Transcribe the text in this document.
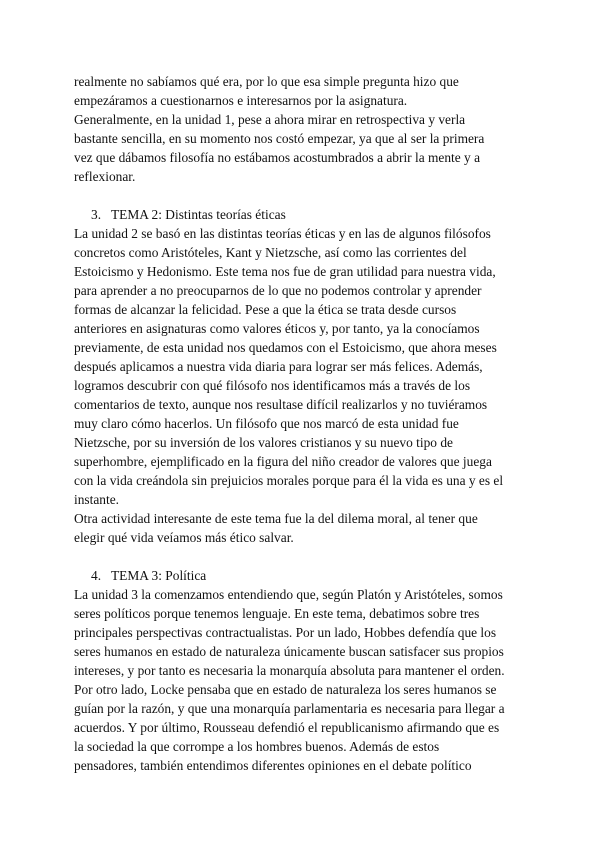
realmente no sabíamos qué era, por lo que esa simple pregunta hizo que
empezáramos a cuestionarnos e interesarnos por la asignatura.
Generalmente, en la unidad 1, pese a ahora mirar en retrospectiva y verla
bastante sencilla, en su momento nos costó empezar, ya que al ser la primera
vez que dábamos filosofía no estábamos acostumbrados a abrir la mente y a
reflexionar.
3. TEMA 2: Distintas teorías éticas
La unidad 2 se basó en las distintas teorías éticas y en las de algunos filósofos
concretos como Aristóteles, Kant y Nietzsche, así como las corrientes del
Estoicismo y Hedonismo. Este tema nos fue de gran utilidad para nuestra vida,
para aprender a no preocuparnos de lo que no podemos controlar y aprender
formas de alcanzar la felicidad. Pese a que la ética se trata desde cursos
anteriores en asignaturas como valores éticos y, por tanto, ya la conocíamos
previamente, de esta unidad nos quedamos con el Estoicismo, que ahora meses
después aplicamos a nuestra vida diaria para lograr ser más felices. Además,
logramos descubrir con qué filósofo nos identificamos más a través de los
comentarios de texto, aunque nos resultase difícil realizarlos y no tuviéramos
muy claro cómo hacerlos. Un filósofo que nos marcó de esta unidad fue
Nietzsche, por su inversión de los valores cristianos y su nuevo tipo de
superhombre, ejemplificado en la figura del niño creador de valores que juega
con la vida creándola sin prejuicios morales porque para él la vida es una y es el
instante.
Otra actividad interesante de este tema fue la del dilema moral, al tener que
elegir qué vida veíamos más ético salvar.
4. TEMA 3: Política
La unidad 3 la comenzamos entendiendo que, según Platón y Aristóteles, somos
seres políticos porque tenemos lenguaje. En este tema, debatimos sobre tres
principales perspectivas contractualistas. Por un lado, Hobbes defendía que los
seres humanos en estado de naturaleza únicamente buscan satisfacer sus propios
intereses, y por tanto es necesaria la monarquía absoluta para mantener el orden.
Por otro lado, Locke pensaba que en estado de naturaleza los seres humanos se
guían por la razón, y que una monarquía parlamentaria es necesaria para llegar a
acuerdos. Y por último, Rousseau defendió el republicanismo afirmando que es
la sociedad la que corrompe a los hombres buenos. Además de estos
pensadores, también entendimos diferentes opiniones en el debate político
